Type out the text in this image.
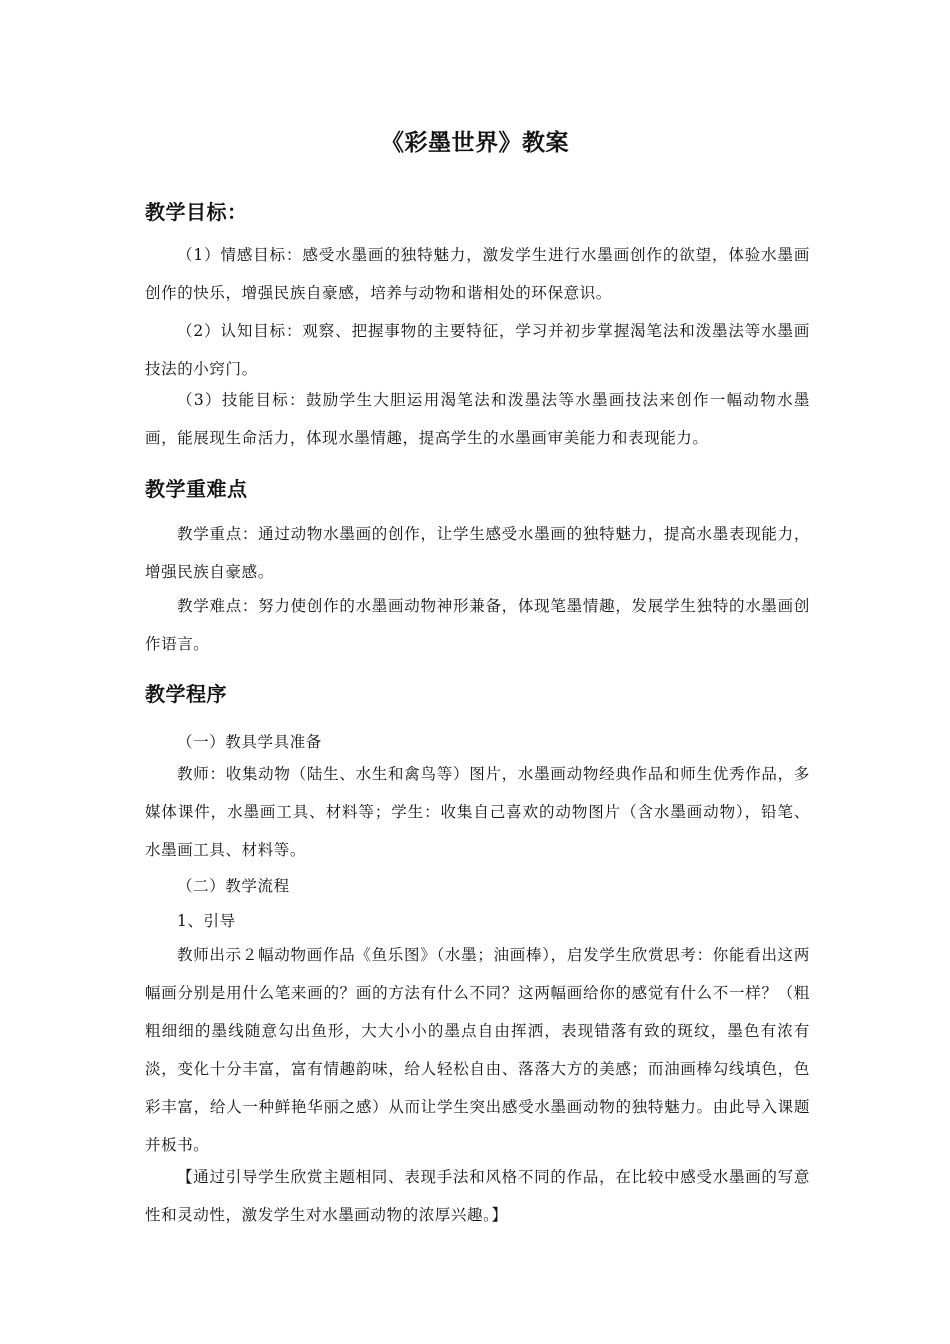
《彩墨世界》教案
教学目标：

（1）情感目标：感受水墨画的独特魅力，激发学生进行水墨画创作的欲望，体验水墨画创作的快乐，增强民族自豪感，培养与动物和谐相处的环保意识。

（2）认知目标：观察、把握事物的主要特征，学习并初步掌握渴笔法和泼墨法等水墨画技法的小窍门。

（3）技能目标：鼓励学生大胆运用渴笔法和泼墨法等水墨画技法来创作一幅动物水墨画，能展现生命活力，体现水墨情趣，提高学生的水墨画审美能力和表现能力。

教学重难点

教学重点：通过动物水墨画的创作，让学生感受水墨画的独特魅力，提高水墨表现能力，增强民族自豪感。

教学难点：努力使创作的水墨画动物神形兼备，体现笔墨情趣，发展学生独特的水墨画创作语言。

教学程序
（一）教具学具准备

教师：收集动物（陆生、水生和禽鸟等）图片，水墨画动物经典作品和师生优秀作品，多媒体课件，水墨画工具、材料等；学生：收集自己喜欢的动物图片（含水墨画动物），铅笔、水墨画工具、材料等。

（二）教学流程
1、引导

教师出示２幅动物画作品《鱼乐图》（水墨；油画棒），启发学生欣赏思考：你能看出这两幅画分别是用什么笔来画的？画的方法有什么不同？这两幅画给你的感觉有什么不一样？（粗粗细细的墨线随意勾出鱼形，大大小小的墨点自由挥洒，表现错落有致的斑纹，墨色有浓有淡，变化十分丰富，富有情趣韵味，给人轻松自由、落落大方的美感；而油画棒勾线填色，色彩丰富，给人一种鲜艳华丽之感）从而让学生突出感受水墨画动物的独特魅力。由此导入课题并板书。

【通过引导学生欣赏主题相同、表现手法和风格不同的作品，在比较中感受水墨画的写意性和灵动性，激发学生对水墨画动物的浓厚兴趣。】
